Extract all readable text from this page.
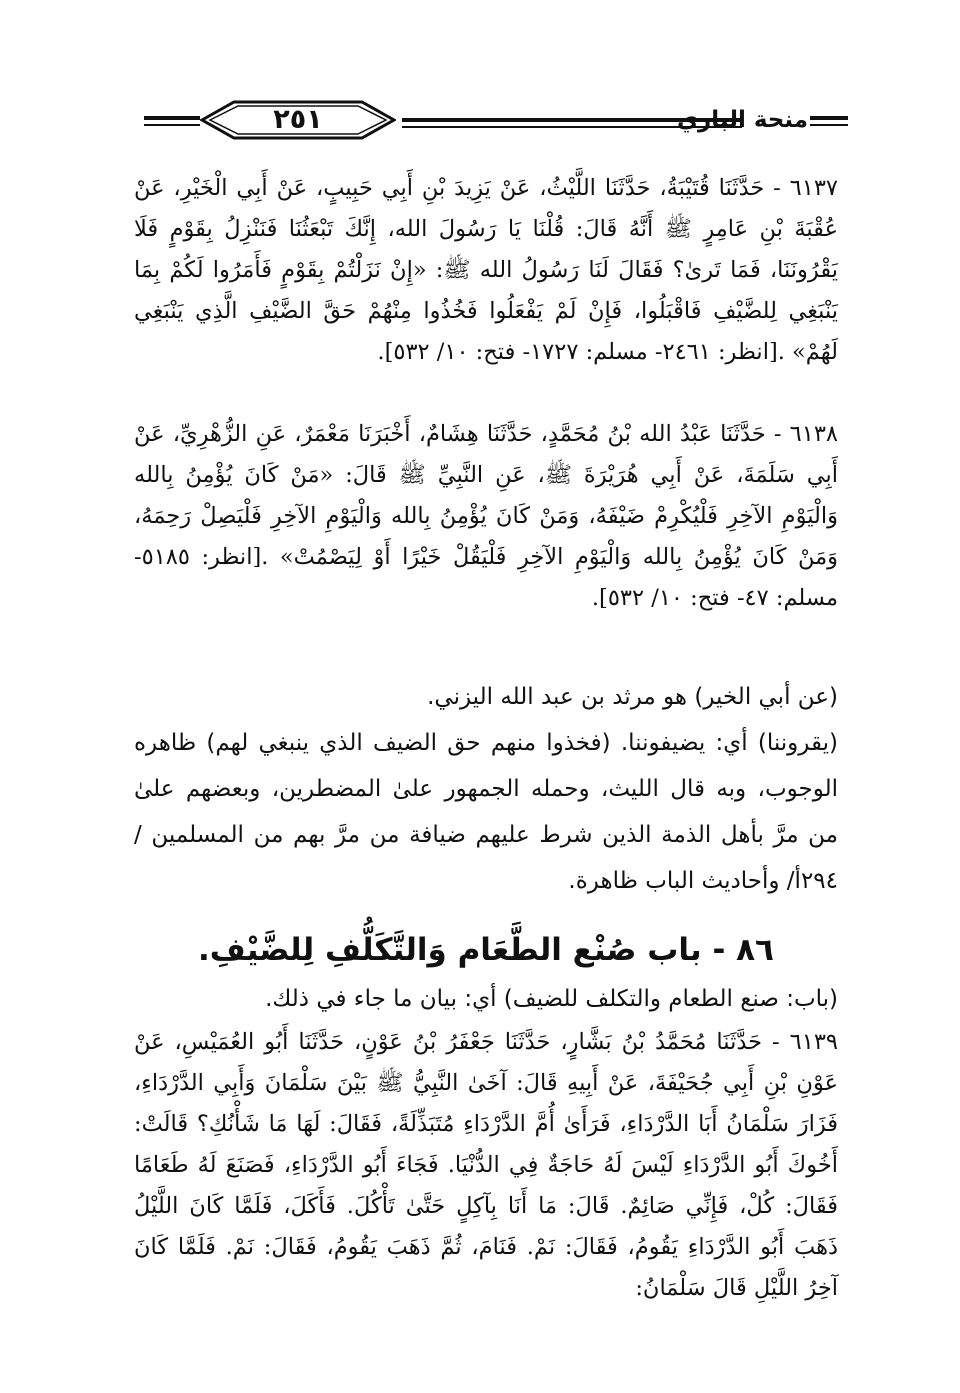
٢٥١	منحة الباري

٦١٣٧ - حَدَّثَنَا قُتَيْبَةُ، حَدَّثَنَا اللَّيْثُ، عَنْ يَزِيدَ بْنِ أَبِي حَبِيبٍ، عَنْ أَبِي الْخَيْرِ، عَنْ عُقْبَةَ بْنِ عَامِرٍ ﷺ أَنَّهُ قَالَ: قُلْنَا يَا رَسُولَ الله، إِنَّكَ تَبْعَثُنَا فَنَنْزِلُ بِقَوْمٍ فَلَا يَقْرُونَنَا، فَمَا تَرىٰ؟ فَقَالَ لَنَا رَسُولُ الله ﷺ: «إِنْ نَزَلْتُمْ بِقَوْمٍ فَأَمَرُوا لَكُمْ بِمَا يَنْبَغِي لِلضَّيْفِ فَاقْبَلُوا، فَإِنْ لَمْ يَفْعَلُوا فَخُذُوا مِنْهُمْ حَقَّ الضَّيْفِ الَّذِي يَنْبَغِي لَهُمْ» .[انظر: ٢٤٦١- مسلم: ١٧٢٧- فتح: ١٠/ ٥٣٢].

٦١٣٨ - حَدَّثَنَا عَبْدُ الله بْنُ مُحَمَّدٍ، حَدَّثَنَا هِشَامٌ، أَخْبَرَنَا مَعْمَرٌ، عَنِ الزُّهْرِيِّ، عَنْ أَبِي سَلَمَةَ، عَنْ أَبِي هُرَيْرَةَ ﷺ، عَنِ النَّبِيِّ ﷺ قَالَ: «مَنْ كَانَ يُؤْمِنُ بِالله وَالْيَوْمِ الآخِرِ فَلْيُكْرِمْ ضَيْفَهُ، وَمَنْ كَانَ يُؤْمِنُ بِالله وَالْيَوْمِ الآخِرِ فَلْيَصِلْ رَحِمَهُ، وَمَنْ كَانَ يُؤْمِنُ بِالله وَالْيَوْمِ الآخِرِ فَلْيَقُلْ خَيْرًا أَوْ لِيَصْمُتْ» .[انظر: ٥١٨٥- مسلم: ٤٧- فتح: ١٠/ ٥٣٢].

(عن أبي الخير) هو مرثد بن عبد الله اليزني.

(يقروننا) أي: يضيفوننا. (فخذوا منهم حق الضيف الذي ينبغي لهم) ظاهره الوجوب، وبه قال الليث، وحمله الجمهور علىٰ المضطرين، وبعضهم علىٰ من مرَّ بأهل الذمة الذين شرط عليهم ضيافة من مرَّ بهم من المسلمين / ٢٩٤أ/ وأحاديث الباب ظاهرة.

٨٦ - باب صُنْع الطَّعَام وَالتَّكَلُّفِ لِلضَّيْفِ.

(باب: صنع الطعام والتكلف للضيف) أي: بيان ما جاء في ذلك.

٦١٣٩ - حَدَّثَنَا مُحَمَّدُ بْنُ بَشَّارٍ، حَدَّثَنَا جَعْفَرُ بْنُ عَوْنٍ، حَدَّثَنَا أَبُو العُمَيْسِ، عَنْ عَوْنِ بْنِ أَبِي جُحَيْفَةَ، عَنْ أَبِيهِ قَالَ: آخَىٰ النَّبِيُّ ﷺ بَيْنَ سَلْمَانَ وَأَبِي الدَّرْدَاءِ، فَزَارَ سَلْمَانُ أَبَا الدَّرْدَاءِ، فَرَأَىٰ أُمَّ الدَّرْدَاءِ مُتَبَذِّلَةً، فَقَالَ: لَهَا مَا شَأْنُكِ؟ قَالَتْ: أَخُوكَ أَبُو الدَّرْدَاءِ لَيْسَ لَهُ حَاجَةٌ فِي الدُّنْيَا. فَجَاءَ أَبُو الدَّرْدَاءِ، فَصَنَعَ لَهُ طَعَامًا فَقَالَ: كُلْ، فَإِنِّي صَائِمٌ. قَالَ: مَا أَنَا بِآكِلٍ حَتَّىٰ تَأْكُلَ. فَأَكَلَ، فَلَمَّا كَانَ اللَّيْلُ ذَهَبَ أَبُو الدَّرْدَاءِ يَقُومُ، فَقَالَ: نَمْ. فَنَامَ، ثُمَّ ذَهَبَ يَقُومُ، فَقَالَ: نَمْ. فَلَمَّا كَانَ آخِرُ اللَّيْلِ قَالَ سَلْمَانُ:
